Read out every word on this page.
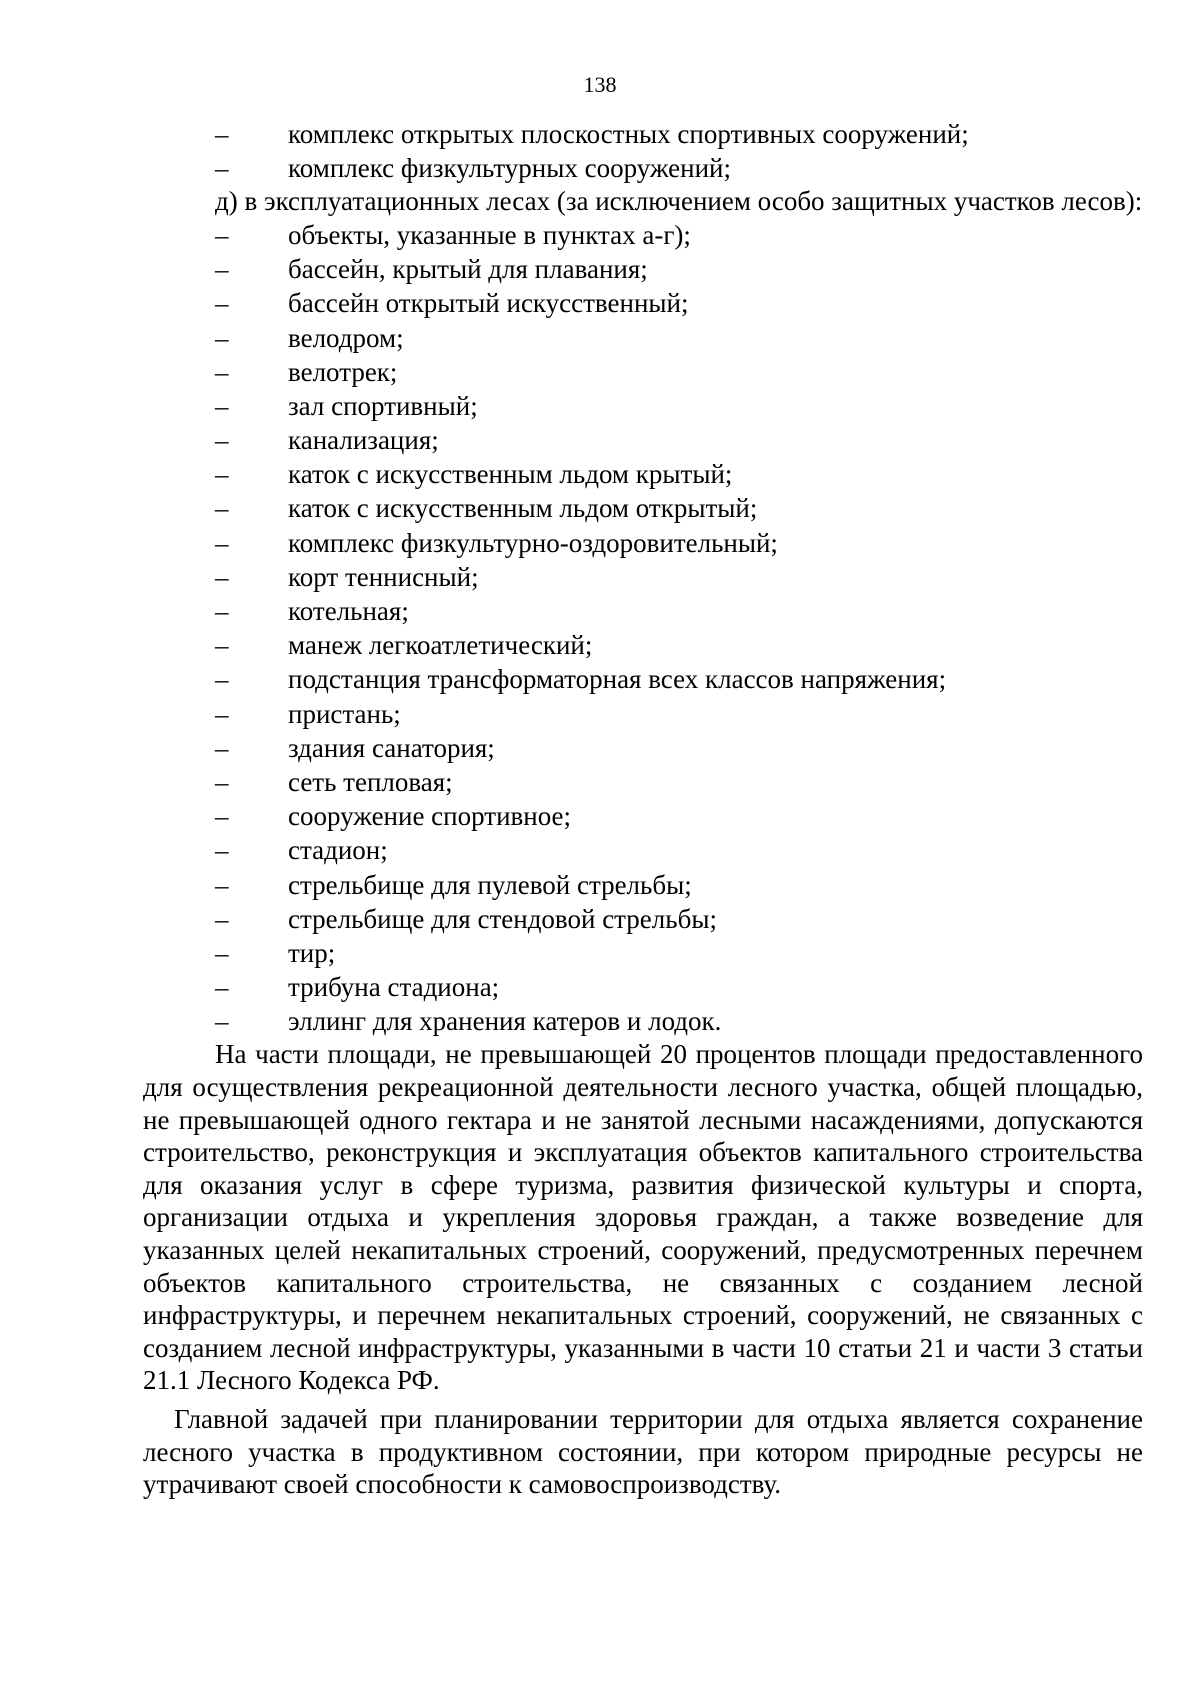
138
– комплекс открытых плоскостных спортивных сооружений;
– комплекс физкультурных сооружений;

д) в эксплуатационных лесах (за исключением особо защитных участков лесов):

– объекты, указанные в пунктах а-г);
– бассейн, крытый для плавания;
– бассейн открытый искусственный;
– велодром;
– велотрек;
– зал спортивный;
– канализация;
– каток с искусственным льдом крытый;
– каток с искусственным льдом открытый;
– комплекс физкультурно-оздоровительный;
– корт теннисный;
– котельная;
– манеж легкоатлетический;
– подстанция трансформаторная всех классов напряжения;
– пристань;
– здания санатория;
– сеть тепловая;
– сооружение спортивное;
– стадион;
– стрельбище для пулевой стрельбы;
– стрельбище для стендовой стрельбы;
– тир;
– трибуна стадиона;
– эллинг для хранения катеров и лодок.

На части площади, не превышающей 20 процентов площади предоставленного для осуществления рекреационной деятельности лесного участка, общей площадью, не превышающей одного гектара и не занятой лесными насаждениями, допускаются строительство, реконструкция и эксплуатация объектов капитального строительства для оказания услуг в сфере туризма, развития физической культуры и спорта, организации отдыха и укрепления здоровья граждан, а также возведение для указанных целей некапитальных строений, сооружений, предусмотренных перечнем объектов капитального строительства, не связанных с созданием лесной инфраструктуры, и перечнем некапитальных строений, сооружений, не связанных с созданием лесной инфраструктуры, указанными в части 10 статьи 21 и части 3 статьи 21.1 Лесного Кодекса РФ.

Главной задачей при планировании территории для отдыха является сохранение лесного участка в продуктивном состоянии, при котором природные ресурсы не утрачивают своей способности к самовоспроизводству.
